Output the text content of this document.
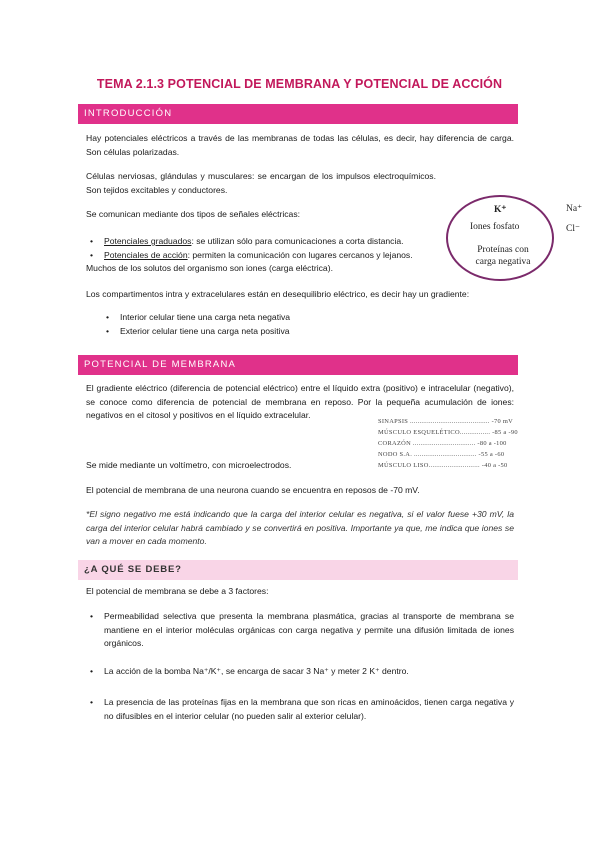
TEMA 2.1.3 POTENCIAL DE MEMBRANA Y POTENCIAL DE ACCIÓN
INTRODUCCIÓN
Hay potenciales eléctricos a través de las membranas de todas las células, es decir, hay diferencia de carga. Son células polarizadas.
Células nerviosas, glándulas y musculares: se encargan de los impulsos electroquímicos. Son tejidos excitables y conductores.
Se comunican mediante dos tipos de señales eléctricas:
• Potenciales graduados: se utilizan sólo para comunicaciones a corta distancia.
• Potenciales de acción: permiten la comunicación con lugares cercanos y lejanos.
Muchos de los solutos del organismo son iones (carga eléctrica).
Los compartimentos intra y extracelulares están en desequilibrio eléctrico, es decir hay un gradiente:
• Interior celular tiene una carga neta negativa
• Exterior celular tiene una carga neta positiva
K⁺
Iones fosfato
Proteínas con carga negativa
Na⁺
Cl⁻
POTENCIAL DE MEMBRANA
El gradiente eléctrico (diferencia de potencial eléctrico) entre el líquido extra (positivo) e intracelular (negativo), se conoce como diferencia de potencial de membrana en reposo. Por la pequeña acumulación de iones: negativos en el citosol y positivos en el líquido extracelular.
SINAPSIS .......................................... -70 mV
MÚSCULO ESQUELÉTICO................ -85 a -90
CORAZÓN ................................. -80 a -100
NODO S.A. ................................. -55 a -60
MÚSCULO LISO........................... -40 a -50
Se mide mediante un voltímetro, con microelectrodos.
El potencial de membrana de una neurona cuando se encuentra en reposos de -70 mV.
*El signo negativo me está indicando que la carga del interior celular es negativa, si el valor fuese +30 mV, la carga del interior celular habrá cambiado y se convertirá en positiva. Importante ya que, me indica que iones se van a mover en cada momento.
¿A QUÉ SE DEBE?
El potencial de membrana se debe a 3 factores:
• Permeabilidad selectiva que presenta la membrana plasmática, gracias al transporte de membrana se mantiene en el interior moléculas orgánicas con carga negativa y permite una difusión limitada de iones orgánicos.
• La acción de la bomba Na⁺/K⁺, se encarga de sacar 3 Na⁺ y meter 2 K⁺ dentro.
• La presencia de las proteínas fijas en la membrana que son ricas en aminoácidos, tienen carga negativa y no difusibles en el interior celular (no pueden salir al exterior celular).
